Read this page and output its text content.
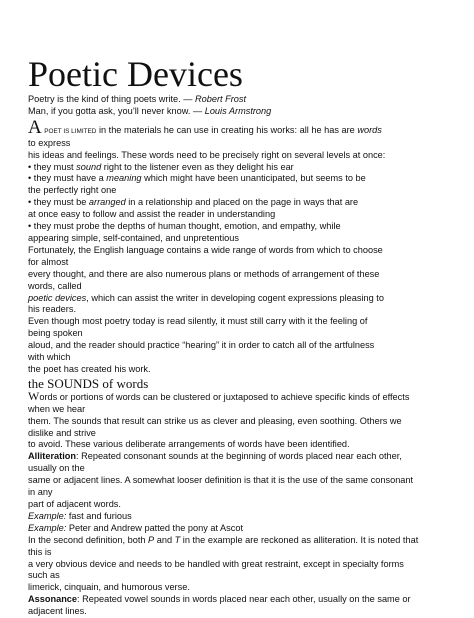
Poetic Devices
Poetry is the kind of thing poets write. — Robert Frost
Man, if you gotta ask, you’ll never know. — Louis Armstrong
A POET IS LIMITED in the materials he can use in creating his works: all he has are words
to express
his ideas and feelings. These words need to be precisely right on several levels at once:
• they must sound right to the listener even as they delight his ear
• they must have a meaning which might have been unanticipated, but seems to be
the perfectly right one
• they must be arranged in a relationship and placed on the page in ways that are
at once easy to follow and assist the reader in understanding
• they must probe the depths of human thought, emotion, and empathy, while
appearing simple, self-contained, and unpretentious
Fortunately, the English language contains a wide range of words from which to choose
for almost
every thought, and there are also numerous plans or methods of arrangement of these
words, called
poetic devices, which can assist the writer in developing cogent expressions pleasing to
his readers.
Even though most poetry today is read silently, it must still carry with it the feeling of
being spoken
aloud, and the reader should practice “hearing” it in order to catch all of the artfulness
with which
the poet has created his work.
the SOUNDS of words
Words or portions of words can be clustered or juxtaposed to achieve specific kinds of effects
when we hear
them. The sounds that result can strike us as clever and pleasing, even soothing. Others we
dislike and strive
to avoid. These various deliberate arrangements of words have been identified.
Alliteration: Repeated consonant sounds at the beginning of words placed near each other,
usually on the
same or adjacent lines. A somewhat looser definition is that it is the use of the same consonant
in any
part of adjacent words.
Example: fast and furious
Example: Peter and Andrew patted the pony at Ascot
In the second definition, both P and T in the example are reckoned as alliteration. It is noted that
this is
a very obvious device and needs to be handled with great restraint, except in specialty forms
such as
limerick, cinquain, and humorous verse.
Assonance: Repeated vowel sounds in words placed near each other, usually on the same or
adjacent lines.
